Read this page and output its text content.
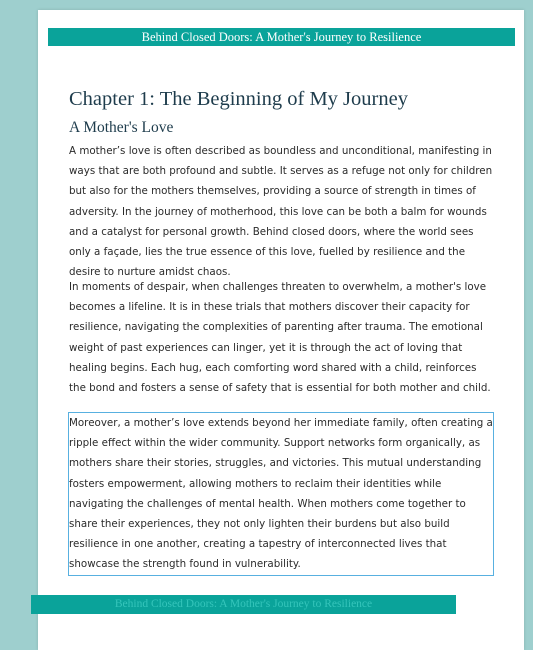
Behind Closed Doors: A Mother's Journey to Resilience
Chapter 1: The Beginning of My Journey
A Mother's Love

A mother’s love is often described as boundless and unconditional, manifesting in ways that are both profound and subtle. It serves as a refuge not only for children but also for the mothers themselves, providing a source of strength in times of adversity. In the journey of motherhood, this love can be both a balm for wounds and a catalyst for personal growth. Behind closed doors, where the world sees only a façade, lies the true essence of this love, fuelled by resilience and the desire to nurture amidst chaos.

In moments of despair, when challenges threaten to overwhelm, a mother's love becomes a lifeline. It is in these trials that mothers discover their capacity for resilience, navigating the complexities of parenting after trauma. The emotional weight of past experiences can linger, yet it is through the act of loving that healing begins. Each hug, each comforting word shared with a child, reinforces the bond and fosters a sense of safety that is essential for both mother and child.

Moreover, a mother’s love extends beyond her immediate family, often creating a ripple effect within the wider community. Support networks form organically, as mothers share their stories, struggles, and victories. This mutual understanding fosters empowerment, allowing mothers to reclaim their identities while navigating the challenges of mental health. When mothers come together to share their experiences, they not only lighten their burdens but also build resilience in one another, creating a tapestry of interconnected lives that showcase the strength found in vulnerability.

Behind Closed Doors: A Mother's Journey to Resilience
